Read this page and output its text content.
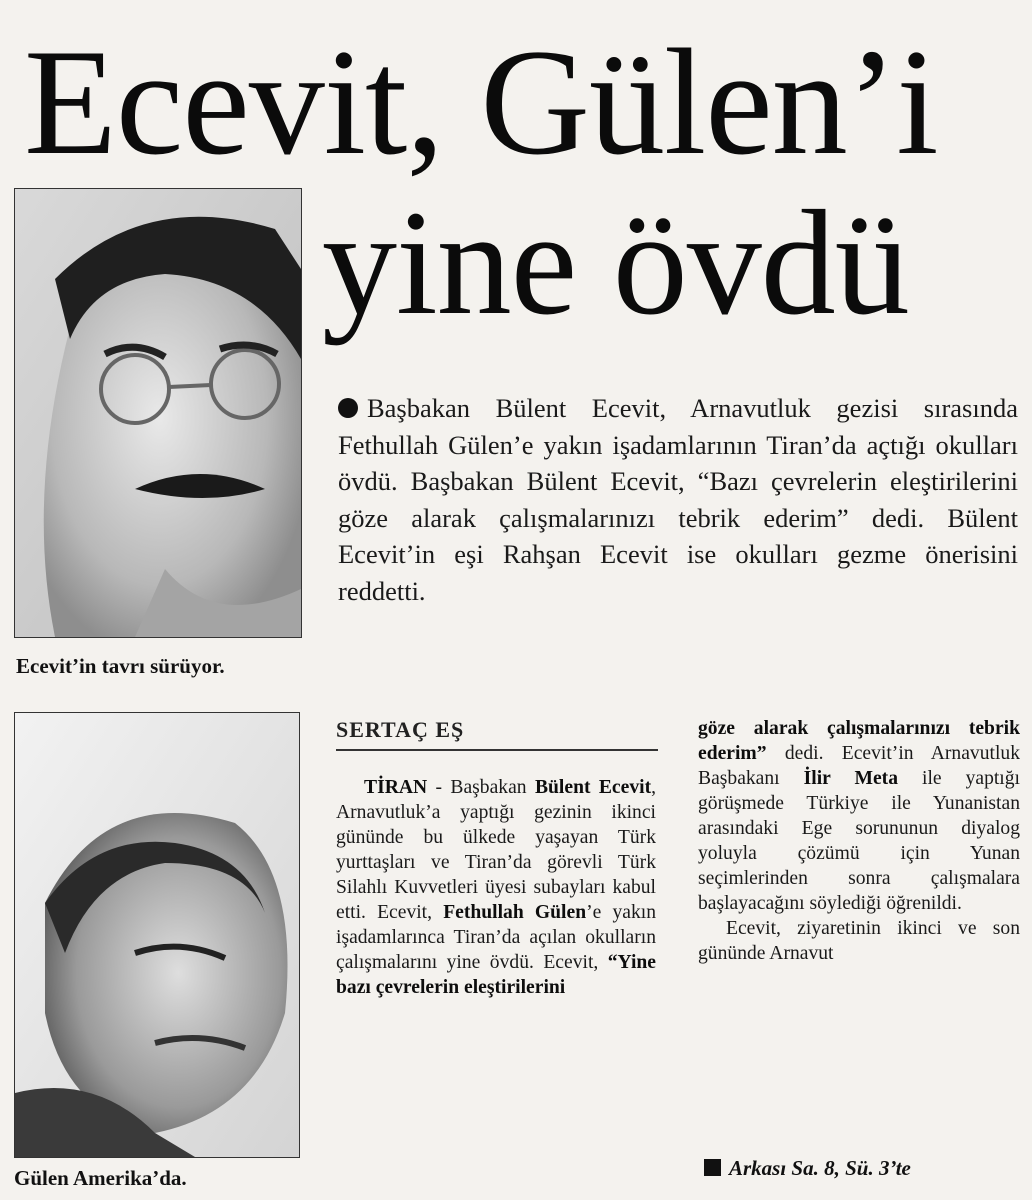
Ecevit, Gülen’i
yine övdü

Ecevit’in tavrı sürüyor.

Gülen Amerika’da.

Başbakan Bülent Ecevit, Arnavutluk gezisi sırasında Fethullah Gülen’e yakın işadamlarının Tiran’da açtığı okulları övdü. Başbakan Bülent Ecevit, “Bazı çevrelerin eleştirilerini göze alarak çalışmalarınızı tebrik ederim” dedi. Bülent Ecevit’in eşi Rahşan Ecevit ise okulları gezme önerisini reddetti.

SERTAÇ EŞ

TİRAN - Başbakan Bülent Ecevit, Arnavutluk’a yaptığı gezinin ikinci gününde bu ülkede yaşayan Türk yurttaşları ve Tiran’da görevli Türk Silahlı Kuvvetleri üyesi subayları kabul etti. Ecevit, Fethullah Gülen’e yakın işadamlarınca Tiran’da açılan okulların çalışmalarını yine övdü. Ecevit, “Yine bazı çevrelerin eleştirilerini

göze alarak çalışmalarınızı tebrik ederim” dedi. Ecevit’in Arnavutluk Başbakanı İlir Meta ile yaptığı görüşmede Türkiye ile Yunanistan arasındaki Ege sorununun diyalog yoluyla çözümü için Yunan seçimlerinden sonra çalışmalara başlayacağını söylediği öğrenildi.
Ecevit, ziyaretinin ikinci ve son gününde Arnavut

Arkası Sa. 8, Sü. 3’te
